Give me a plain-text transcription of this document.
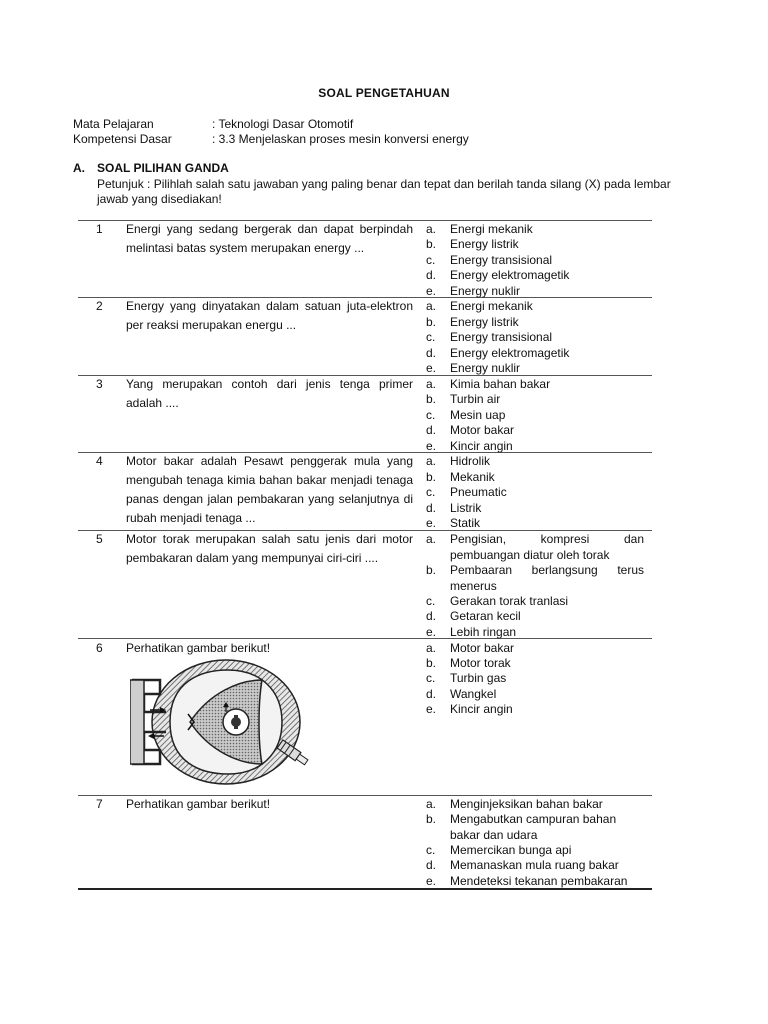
SOAL PENGETAHUAN
Mata Pelajaran	: Teknologi Dasar Otomotif
Kompetensi Dasar	: 3.3 Menjelaskan proses mesin konversi energy
A. SOAL PILIHAN GANDA
Petunjuk : Pilihlah salah satu jawaban yang paling benar dan tepat dan berilah tanda silang (X) pada lembar
jawab yang disediakan!
1 Energi yang sedang bergerak dan dapat berpindah melintasi batas system merupakan energy ...
a. Energi mekanik
b. Energy listrik
c. Energy transisional
d. Energy elektromagetik
e. Energy nuklir
2 Energy yang dinyatakan dalam satuan juta-elektron per reaksi merupakan energu ...
a. Energi mekanik
b. Energy listrik
c. Energy transisional
d. Energy elektromagetik
e. Energy nuklir
3 Yang merupakan contoh dari jenis tenga primer adalah ....
a. Kimia bahan bakar
b. Turbin air
c. Mesin uap
d. Motor bakar
e. Kincir angin
4 Motor bakar adalah Pesawt penggerak mula yang mengubah tenaga kimia bahan bakar menjadi tenaga panas dengan jalan pembakaran yang selanjutnya di rubah menjadi tenaga ...
a. Hidrolik
b. Mekanik
c. Pneumatic
d. Listrik
e. Statik
5 Motor torak merupakan salah satu jenis dari motor pembakaran dalam yang mempunyai ciri-ciri ....
a. Pengisian, kompresi dan pembuangan diatur oleh torak
b. Pembaaran berlangsung terus menerus
c. Gerakan torak tranlasi
d. Getaran kecil
e. Lebih ringan
6 Perhatikan gambar berikut!	a. Motor bakar
b. Motor torak
c. Turbin gas
d. Wangkel
e. Kincir angin
7 Perhatikan gambar berikut!	a. Menginjeksikan bahan bakar
b. Mengabutkan campuran bahan bakar dan udara
c. Memercikan bunga api
d. Memanaskan mula ruang bakar
e. Mendeteksi tekanan pembakaran
